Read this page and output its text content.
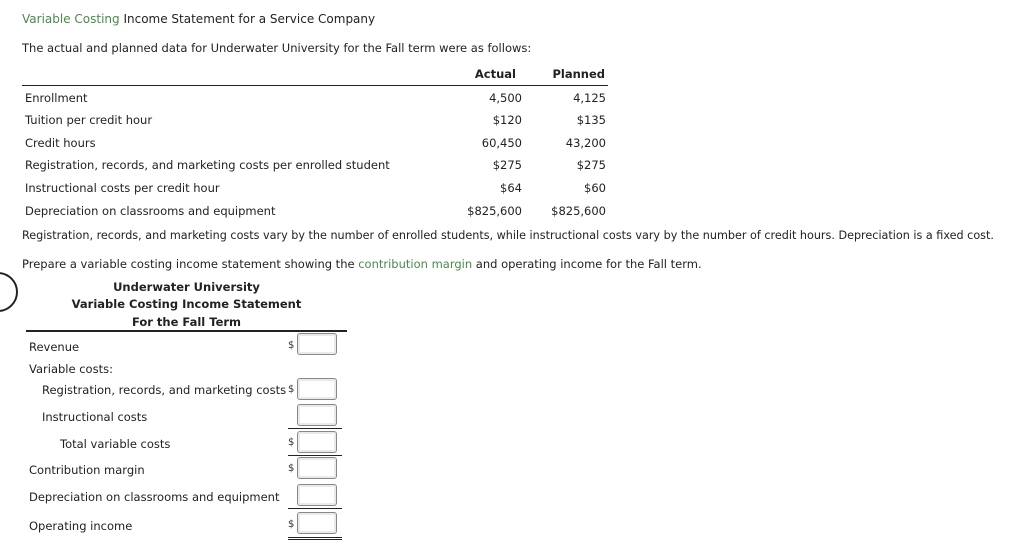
Variable Costing Income Statement for a Service Company
The actual and planned data for Underwater University for the Fall term were as follows:
Actual	Planned
Enrollment	4,500	4,125
Tuition per credit hour	$120	$135
Credit hours	60,450	43,200
Registration, records, and marketing costs per enrolled student	$275	$275
Instructional costs per credit hour	$64	$60
Depreciation on classrooms and equipment	$825,600	$825,600
Registration, records, and marketing costs vary by the number of enrolled students, while instructional costs vary by the number of credit hours. Depreciation is a fixed cost.
Prepare a variable costing income statement showing the contribution margin and operating income for the Fall term.
Underwater University
Variable Costing Income Statement
For the Fall Term
Revenue	$
Variable costs:
Registration, records, and marketing costs $
Instructional costs
Total variable costs	$
Contribution margin	$
Depreciation on classrooms and equipment
Operating income	$
